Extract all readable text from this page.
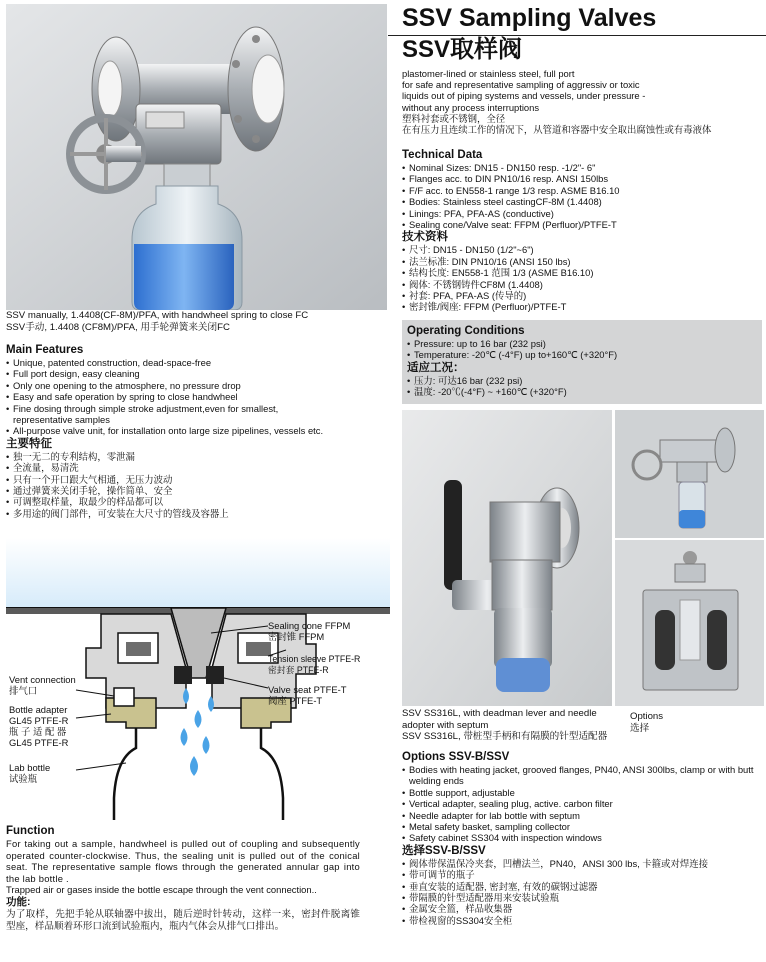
SSV manually, 1.4408(CF-8M)/PFA, with handwheel spring to close FC
SSV手动, 1.4408 (CF8M)/PFA, 用手轮弹簧来关闭FC

Main Features

• Unique, patented construction, dead-space-free
• Full port design, easy cleaning
• Only one opening to the atmosphere, no pressure drop
• Easy and safe operation by spring to close handwheel
• Fine dosing through simple stroke adjustment,even for smallest, representative samples
• All-purpose valve unit, for installation onto large size pipelines, vessels etc.

主要特征

• 独一无二的专利结构，零泄漏
• 全流量，易清洗
• 只有一个开口跟大气相通，无压力波动
• 通过弹簧来关闭手轮，操作简单、安全
• 可调整取样量，取最少的样品都可以
• 多用途的阀门部件，可安装在大尺寸的管线及容器上
Sealing cone FFPM
密封锥 FFPM
Tension sleeve PTFE-R
密封套 PTFE-R
Valve seat PTFE-T
阀座 PTFE-T
Vent connection
排气口
Bottle adapter
GL45 PTFE-R
瓶 子 适 配 器
GL45 PTFE-R
Lab bottle
试验瓶

Function

For taking out a sample, handwheel is pulled out of coupling and subsequently operated counter-clockwise. Thus, the sealing unit is pulled out of the conical seat. The representative sample flows through the generated annular gap into the lab bottle .

Trapped air or gases inside the bottle escape through the vent connection..

功能:

为了取样，先把手轮从联轴器中拔出，随后逆时针转动，这样一来，密封件脱离锥型座，样品顺着环形口流到试验瓶内，瓶内气体会从排气口排出。

SSV Sampling Valves
SSV取样阀

plastomer-lined or stainless steel, full port

for safe and representative sampling of aggressiv or toxic

liquids out of piping systems and vessels, under pressure -

without any process interruptions

塑料衬套或不锈钢，全径

在有压力且连续工作的情况下，从管道和容器中安全取出腐蚀性或有毒液体

Technical Data

• Nominal Sizes: DN15 - DN150 resp. -1/2"- 6"
• Flanges acc. to DIN PN10/16 resp. ANSI 150lbs
• F/F acc. to EN558-1 range 1/3 resp. ASME B16.10
• Bodies: Stainless steel castingCF-8M (1.4408)
• Linings: PFA, PFA-AS (conductive)
• Sealing cone/Valve seat: FFPM (Perfluor)/PTFE-T

技术资料

• 尺寸: DN15 - DN150 (1/2"~6")
• 法兰标准: DIN PN10/16 (ANSI 150 lbs)
• 结构长度: EN558-1 范围 1/3 (ASME B16.10)
• 阀体: 不锈钢铸件CF8M (1.4408)
• 衬套: PFA, PFA-AS (传导的)
• 密封锥/阀座: FFPM (Perfluor)/PTFE-T

Operating Conditions

• Pressure: up to 16 bar (232 psi)
• Temperature: -20℃ (-4°F) up to+160℃ (+320°F)

适应工况：

• 压力: 可达16 bar (232 psi)
• 温度: -20℃(-4°F) ~ +160℃ (+320°F)
SSV SS316L, with deadman lever and needle
adopter with septum
SSV SS316L, 带桩型手柄和有隔膜的针型适配器
Options
选择

Options SSV-B/SSV

• Bodies with heating jacket, grooved flanges, PN40, ANSI 300lbs, clamp or with butt welding ends
• Bottle support, adjustable
• Vertical adapter, sealing plug, active. carbon filter
• Needle adapter for lab bottle with septum
• Metal safety basket, sampling collector
• Safety cabinet SS304 with inspection windows

选择SSV-B/SSV

• 阀体带保温保冷夹套，凹槽法兰，PN40，ANSI 300 lbs, 卡箍或对焊连接
• 带可调节的瓶子
• 垂直安装的适配器, 密封塞, 有效的碳钢过滤器
• 带隔膜的针型适配器用来安装试验瓶
• 金属安全篮，样品收集器
• 带检视窗的SS304安全柜
